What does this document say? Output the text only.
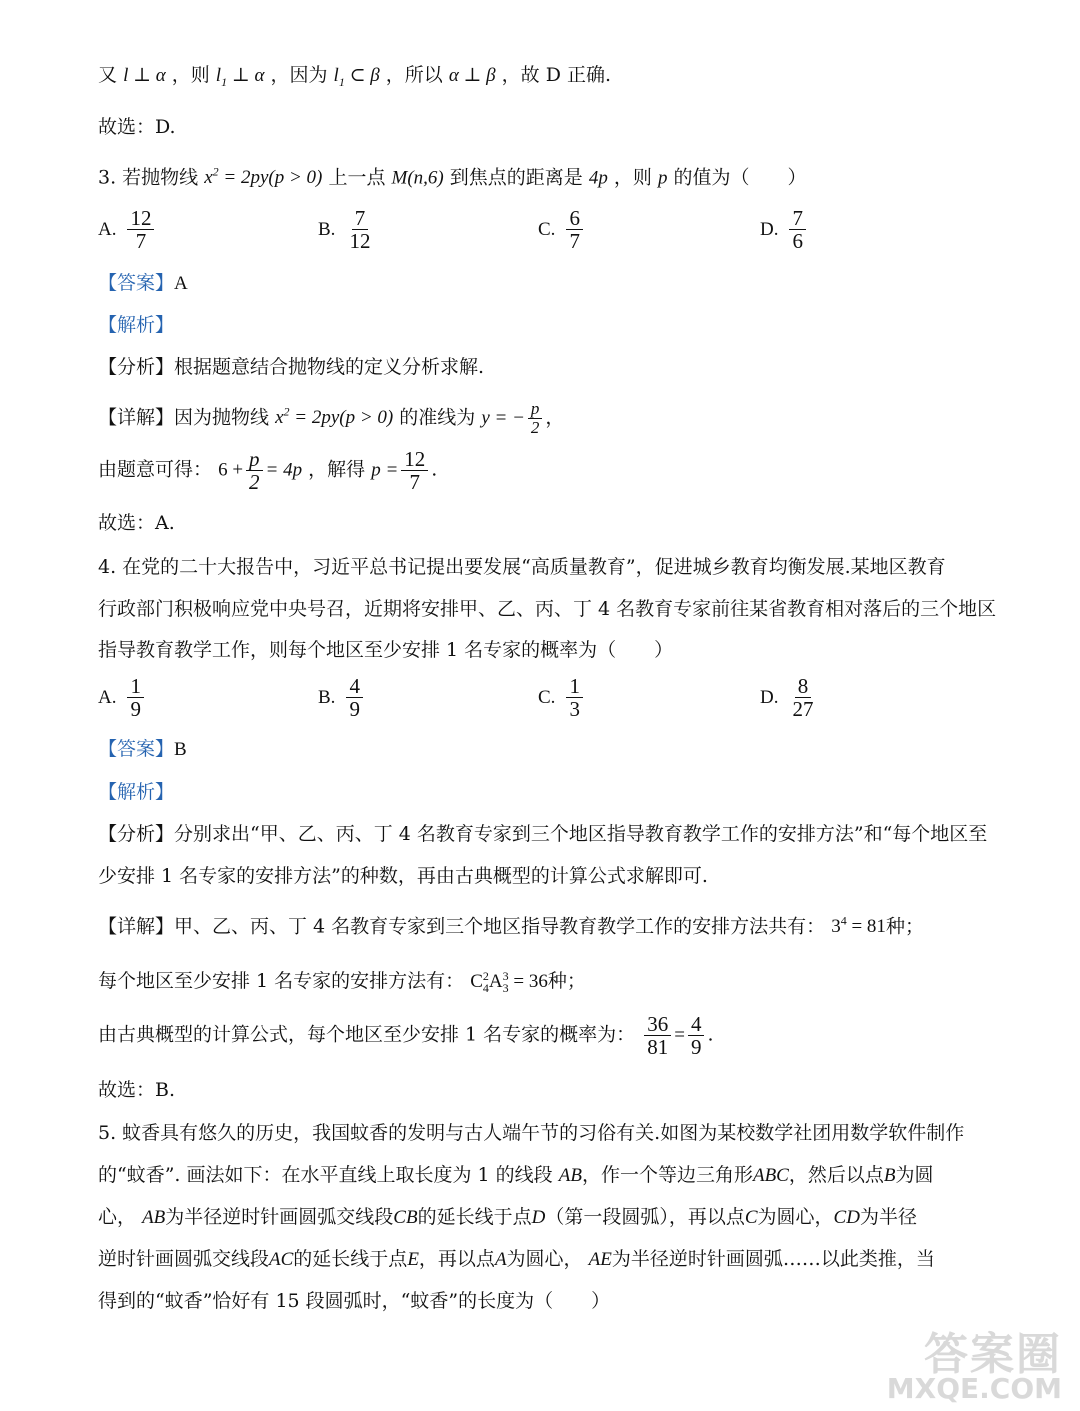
又 l ⊥ α ，则 $l_1$ ⊥ α ，因为 $l_1$ ⊂ β ，所以 α ⊥ β ，故 D 正确.
故选：D.
3. 若抛物线 $x^2 = 2py(p > 0)$ 上一点 M(n,6) 到焦点的距离是 4p ，则 p 的值为（　　）
A. $\frac{12}{7}$	B. $\frac{7}{12}$	C. $\frac{6}{7}$	D. $\frac{7}{6}$
【答案】A
【解析】
【分析】根据题意结合抛物线的定义分析求解.
【详解】因为抛物线 $x^2 = 2py(p > 0)$ 的准线为 y = − $\frac{p}{2}$ ，
由题意可得： $6 + \frac{p}{2} = 4p$ ，解得 $p = \frac{12}{7}$ .
故选：A.
4. 在党的二十大报告中，习近平总书记提出要发展“高质量教育”，促进城乡教育均衡发展.某地区教育
行政部门积极响应党中央号召，近期将安排甲、乙、丙、丁 4 名教育专家前往某省教育相对落后的三个地区
指导教育教学工作，则每个地区至少安排 1 名专家的概率为（　　）
A. $\frac{1}{9}$	B. $\frac{4}{9}$	C. $\frac{1}{3}$	D. $\frac{8}{27}$
【答案】B
【解析】
【分析】分别求出“甲、乙、丙、丁 4 名教育专家到三个地区指导教育教学工作的安排方法”和“每个地区至
少安排 1 名专家的安排方法”的种数，再由古典概型的计算公式求解即可.
【详解】甲、乙、丙、丁 4 名教育专家到三个地区指导教育教学工作的安排方法共有： $3^4 = 81$种；
每个地区至少安排 1 名专家的安排方法有： C 2
4 A 3
3
= 36 种；
由古典概型的计算公式，每个地区至少安排 1 名专家的概率为： $\frac{36}{81} = \frac{4}{9}$ .
故选：B.
5. 蚊香具有悠久的历史，我国蚊香的发明与古人端午节的习俗有关.如图为某校数学社团用数学软件制作
的“蚊香”. 画法如下：在水平直线上取长度为 1 的线段 AB，作一个等边三角形ABC，然后以点B为圆
心， AB为半径逆时针画圆弧交线段CB的延长线于点D（第一段圆弧），再以点C为圆心，CD为半径
逆时针画圆弧交线段AC的延长线于点E，再以点A为圆心， AE为半径逆时针画圆弧……以此类推，当
得到的“蚊香”恰好有 15 段圆弧时，“蚊香”的长度为（　　）
答案圈
MXQE.COM
